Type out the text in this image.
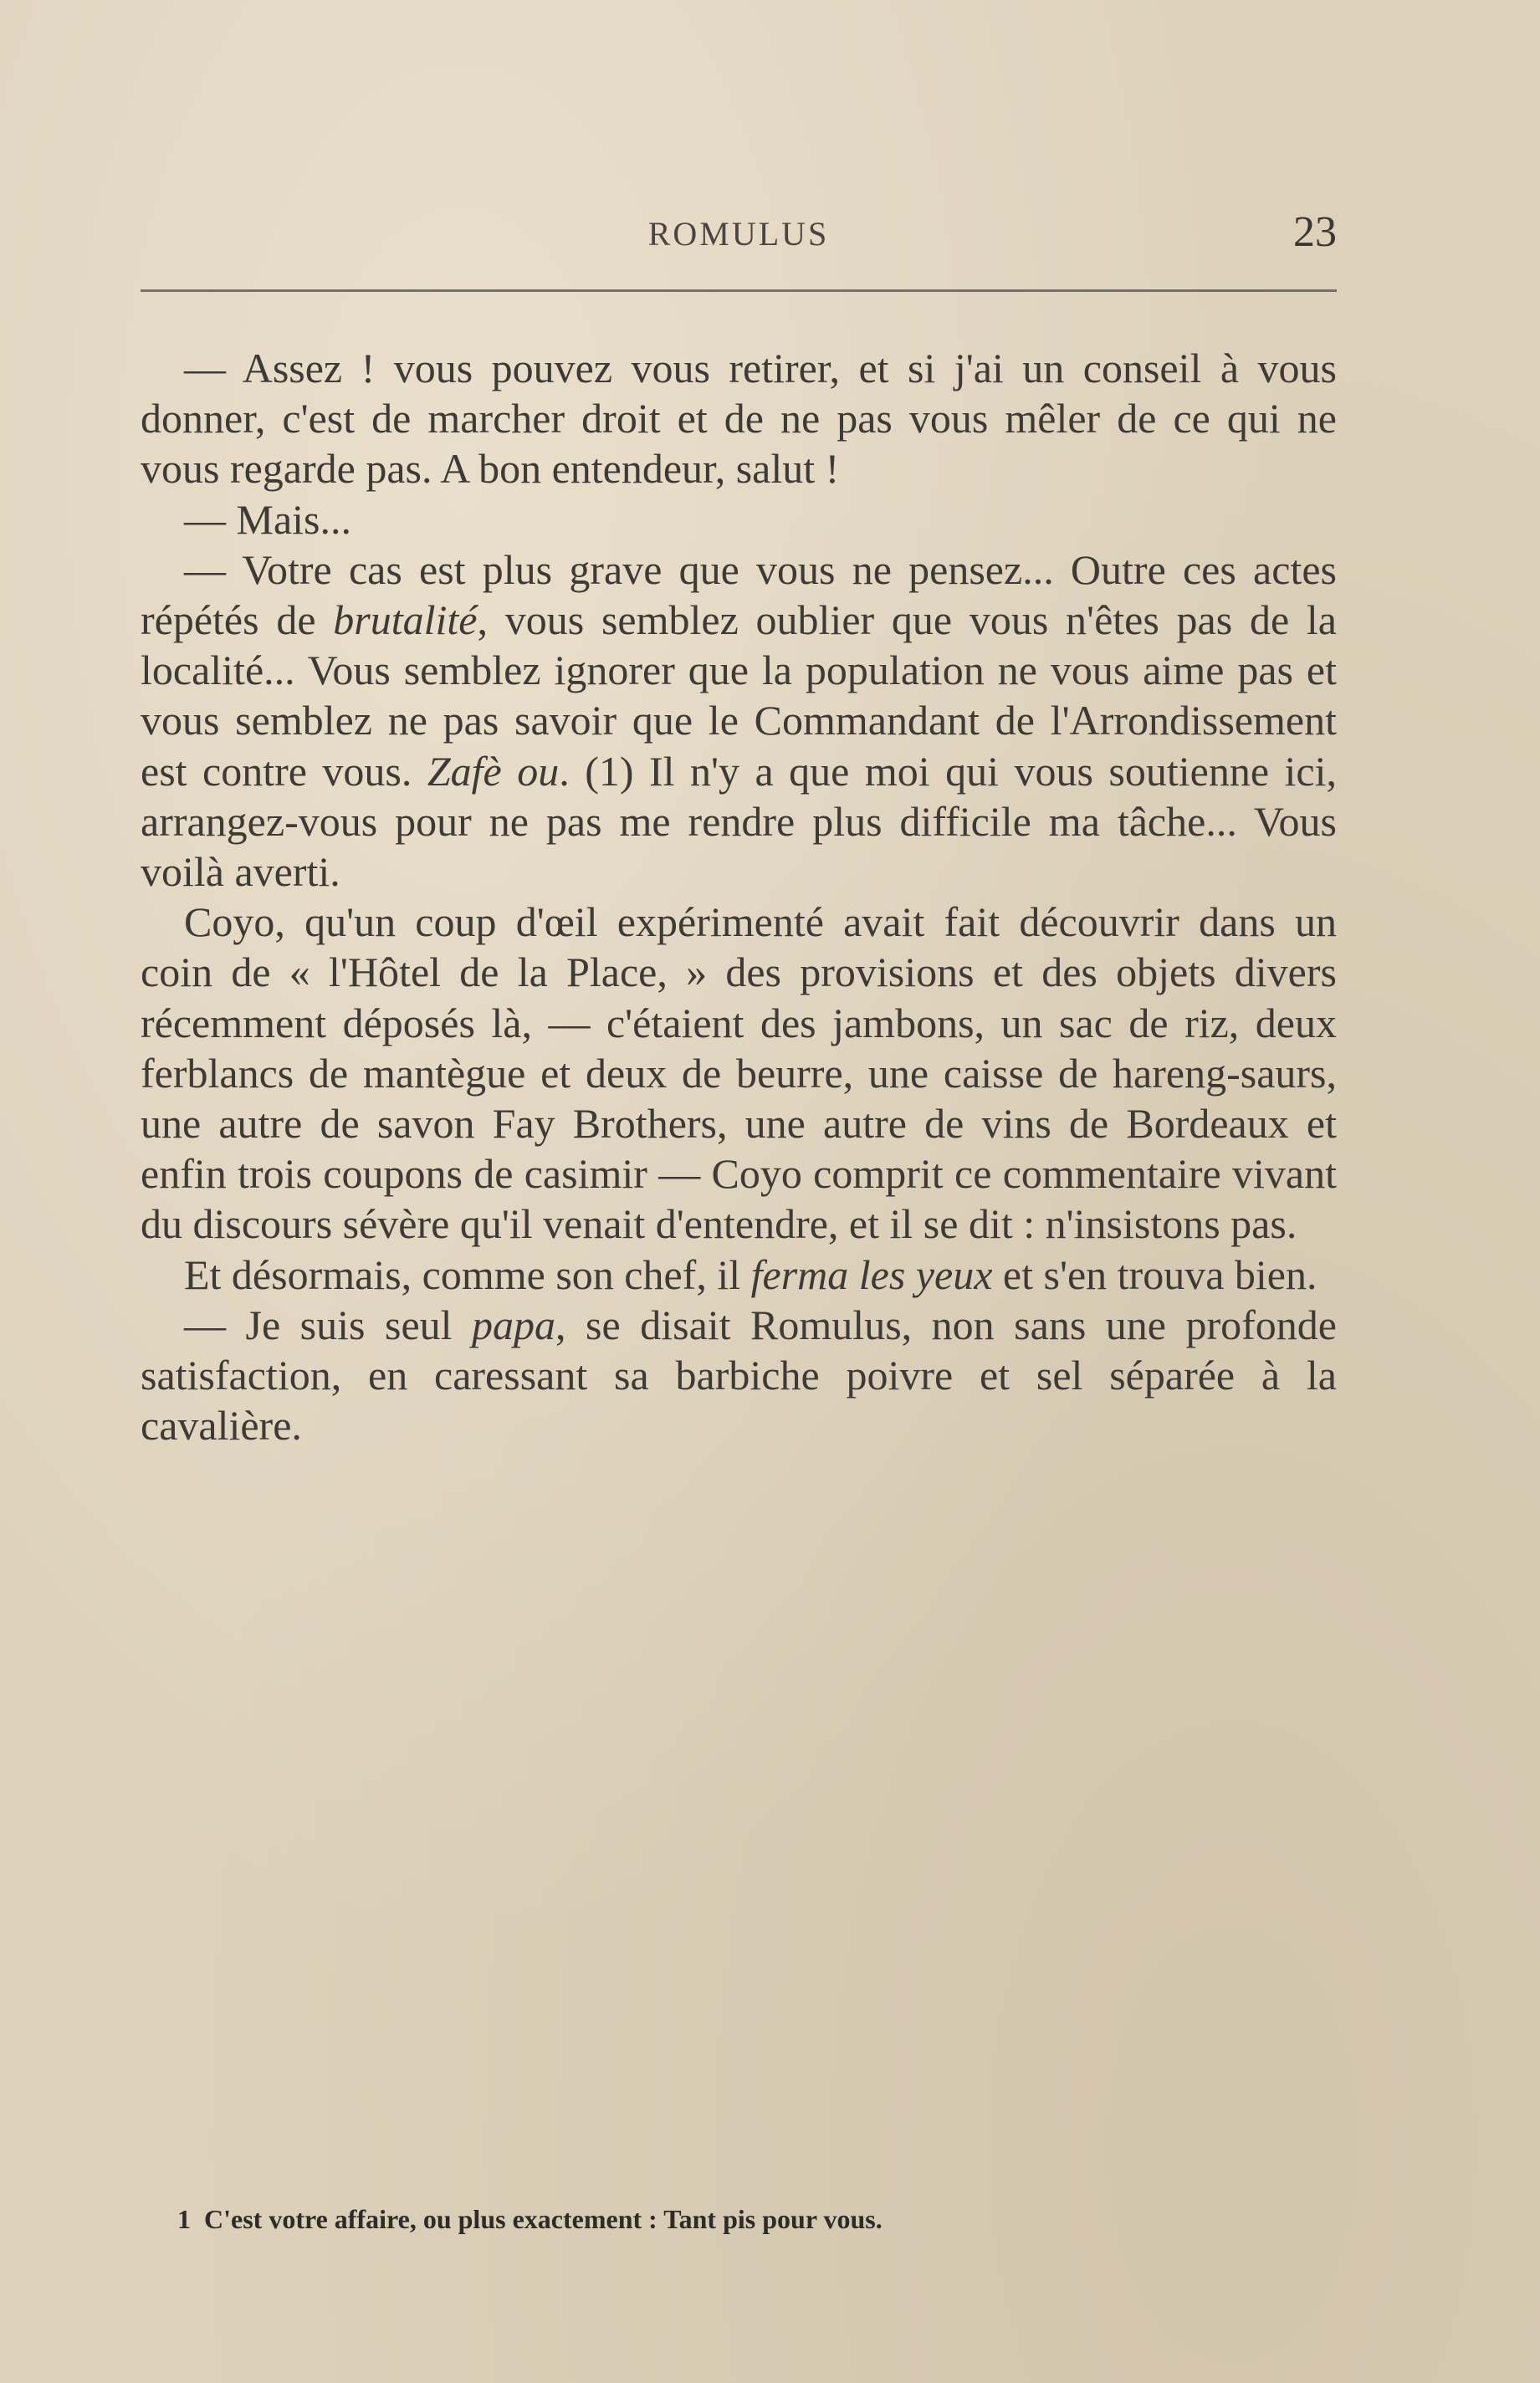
ROMULUS	23

— Assez ! vous pouvez vous retirer, et si j'ai un conseil à vous donner, c'est de marcher droit et de ne pas vous mêler de ce qui ne vous regarde pas. A bon entendeur, salut !

— Mais...

— Votre cas est plus grave que vous ne pensez... Outre ces actes répétés de brutalité, vous semblez oublier que vous n'êtes pas de la localité... Vous semblez ignorer que la population ne vous aime pas et vous semblez ne pas savoir que le Commandant de l'Arrondissement est contre vous. Zafè ou. (1) Il n'y a que moi qui vous soutienne ici, arrangez-vous pour ne pas me rendre plus difficile ma tâche... Vous voilà averti.

Coyo, qu'un coup d'œil expérimenté avait fait découvrir dans un coin de « l'Hôtel de la Place, » des provisions et des objets divers récemment déposés là, — c'étaient des jambons, un sac de riz, deux ferblancs de mantègue et deux de beurre, une caisse de hareng-saurs, une autre de savon Fay Brothers, une autre de vins de Bordeaux et enfin trois coupons de casimir — Coyo comprit ce commentaire vivant du discours sévère qu'il venait d'entendre, et il se dit : n'insistons pas.

Et désormais, comme son chef, il ferma les yeux et s'en trouva bien.

— Je suis seul papa, se disait Romulus, non sans une profonde satisfaction, en caressant sa barbiche poivre et sel séparée à la cavalière.

1 C'est votre affaire, ou plus exactement : Tant pis pour vous.
